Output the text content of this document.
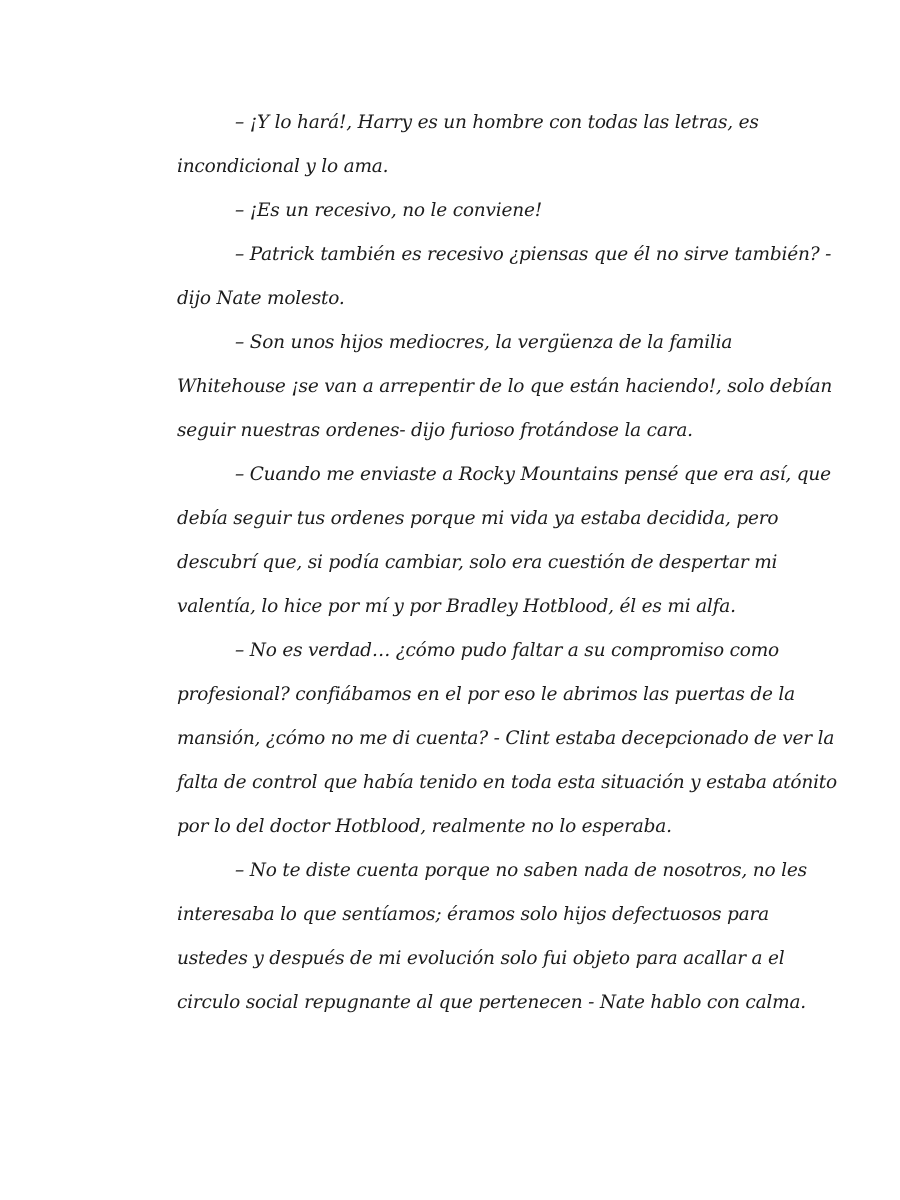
– ¡Y lo hará!, Harry es un hombre con todas las letras, es incondicional y lo ama.

– ¡Es un recesivo, no le conviene!

– Patrick también es recesivo ¿piensas que él no sirve también? - dijo Nate molesto.

– Son unos hijos mediocres, la vergüenza de la familia Whitehouse ¡se van a arrepentir de lo que están haciendo!, solo debían seguir nuestras ordenes- dijo furioso frotándose la cara.

– Cuando me enviaste a Rocky Mountains pensé que era así, que debía seguir tus ordenes porque mi vida ya estaba decidida, pero descubrí que, si podía cambiar, solo era cuestión de despertar mi valentía, lo hice por mí y por Bradley Hotblood, él es mi alfa.

– No es verdad… ¿cómo pudo faltar a su compromiso como profesional? confiábamos en el por eso le abrimos las puertas de la mansión, ¿cómo no me di cuenta? - Clint estaba decepcionado de ver la falta de control que había tenido en toda esta situación y estaba atónito por lo del doctor Hotblood, realmente no lo esperaba.

– No te diste cuenta porque no saben nada de nosotros, no les interesaba lo que sentíamos; éramos solo hijos defectuosos para ustedes y después de mi evolución solo fui objeto para acallar a el circulo social repugnante al que pertenecen - Nate hablo con calma.
